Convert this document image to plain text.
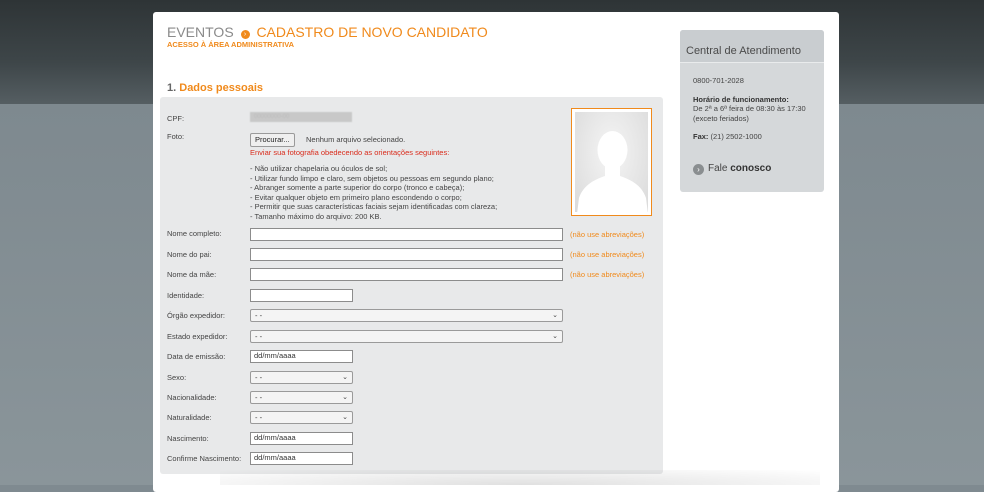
EVENTOS › CADASTRO DE NOVO CANDIDATO
ACESSO À ÁREA ADMINISTRATIVA
1. Dados pessoais
CPF:	00000000-00
Foto:	Procurar...	Nenhum arquivo selecionado.
Enviar sua fotografia obedecendo as orientações seguintes:
- Não utilizar chapelaria ou óculos de sol;
- Utilizar fundo limpo e claro, sem objetos ou pessoas em segundo plano;
- Abranger somente a parte superior do corpo (tronco e cabeça);
- Evitar qualquer objeto em primeiro plano escondendo o corpo;
- Permitir que suas características faciais sejam identificadas com clareza;
- Tamanho máximo do arquivo: 200 KB.
Nome completo:	(não use abreviações)
Nome do pai:	(não use abreviações)
Nome da mãe:	(não use abreviações)
Identidade:
Órgão expedidor:	- -	⌄
Estado expedidor:	- -	⌄
Data de emissão:	dd/mm/aaaa
Sexo:	- -	⌄
Nacionalidade:	- -	⌄
Naturalidade:	- -	⌄
Nascimento:	dd/mm/aaaa
Confirme Nascimento:	dd/mm/aaaa
Central de Atendimento
0800-701-2028
Horário de funcionamento:
De 2ª a 6ª feira de 08:30 às 17:30
(exceto feriados)
Fax: (21) 2502-1000
› Fale conosco
